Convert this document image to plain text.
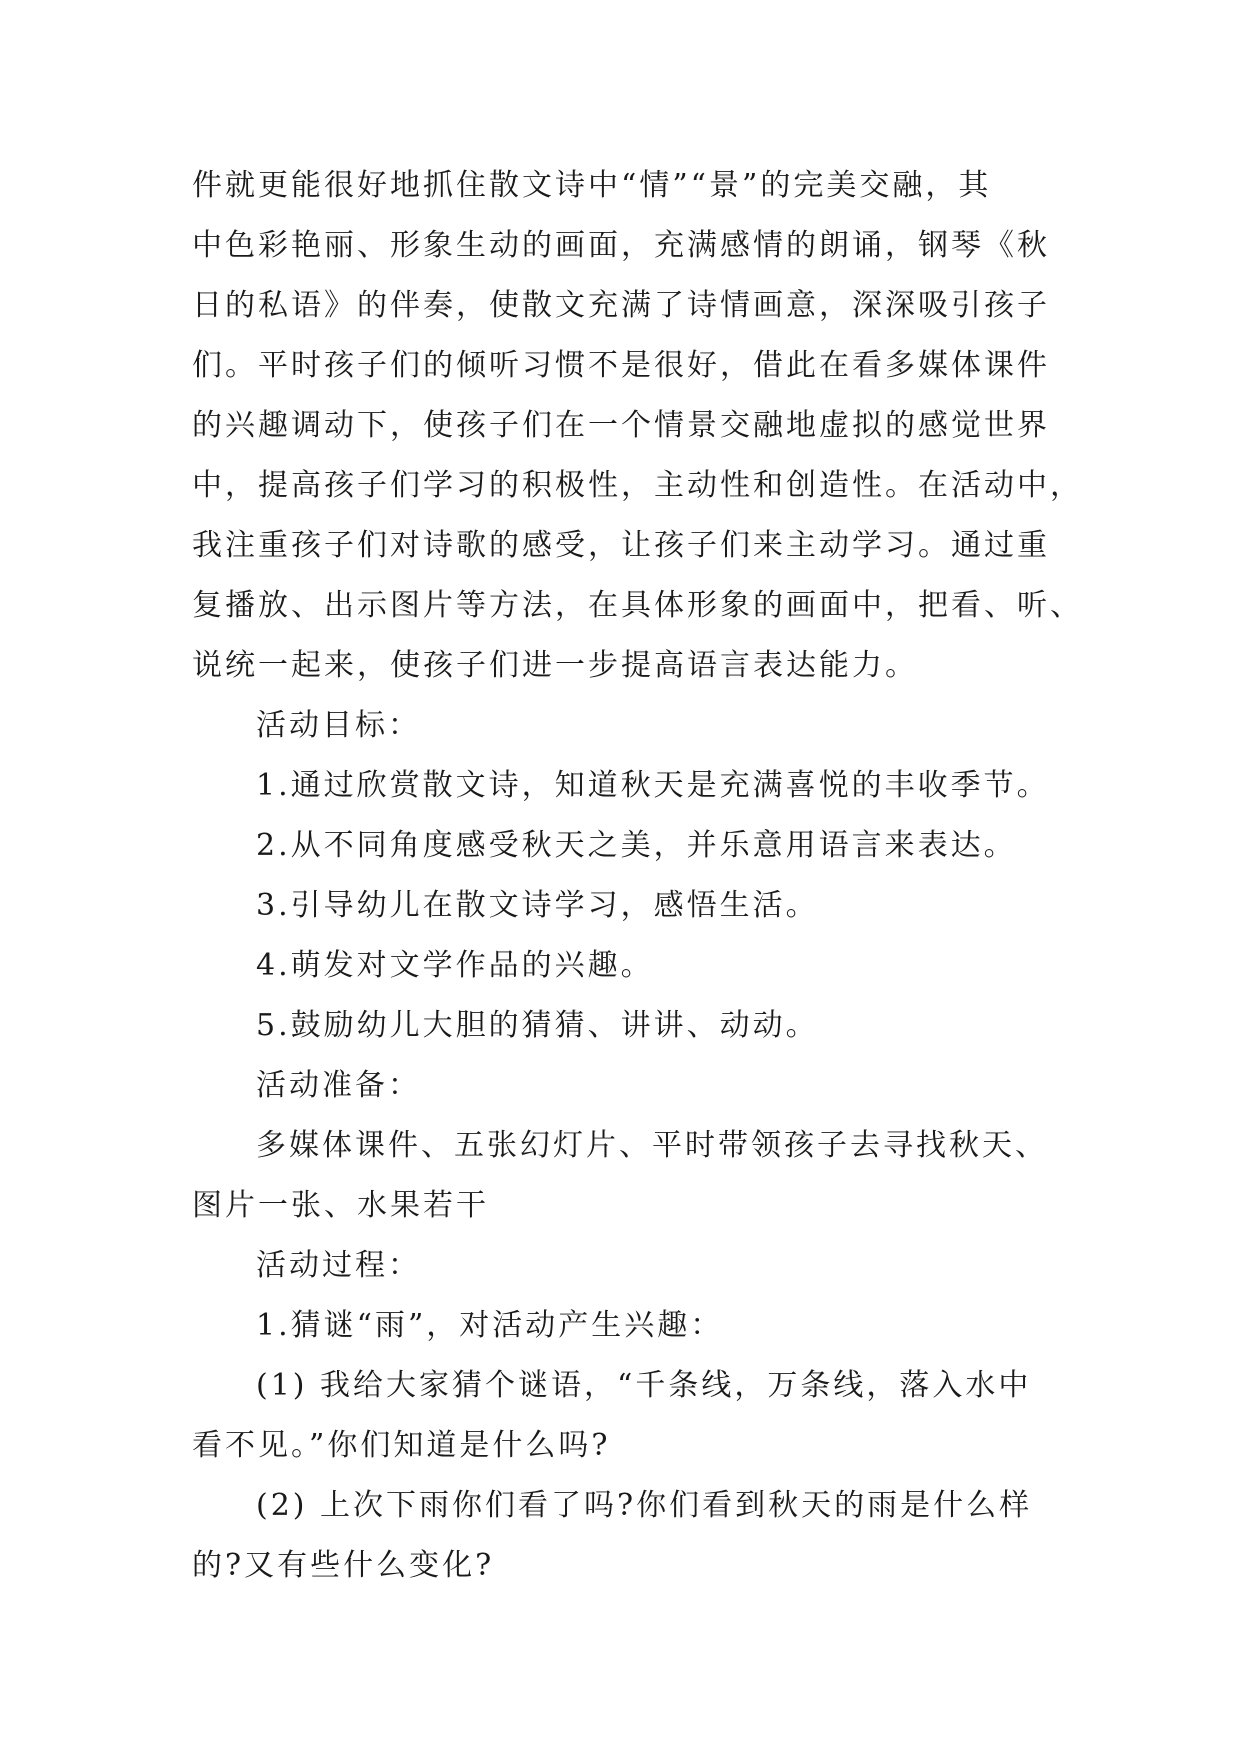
件就更能很好地抓住散文诗中“情”“景”的完美交融，其
中色彩艳丽、形象生动的画面，充满感情的朗诵，钢琴《秋
日的私语》的伴奏，使散文充满了诗情画意，深深吸引孩子
们。平时孩子们的倾听习惯不是很好，借此在看多媒体课件
的兴趣调动下，使孩子们在一个情景交融地虚拟的感觉世界
中，提高孩子们学习的积极性，主动性和创造性。在活动中，
我注重孩子们对诗歌的感受，让孩子们来主动学习。通过重
复播放、出示图片等方法，在具体形象的画面中，把看、听、
说统一起来，使孩子们进一步提高语言表达能力。
活动目标：
1.通过欣赏散文诗，知道秋天是充满喜悦的丰收季节。
2.从不同角度感受秋天之美，并乐意用语言来表达。
3.引导幼儿在散文诗学习，感悟生活。
4.萌发对文学作品的兴趣。
5.鼓励幼儿大胆的猜猜、讲讲、动动。
活动准备：
多媒体课件、五张幻灯片、平时带领孩子去寻找秋天、
图片一张、水果若干
活动过程：
1.猜谜“雨”，对活动产生兴趣：
(1) 我给大家猜个谜语，“千条线，万条线，落入水中
看不见。”你们知道是什么吗?
(2) 上次下雨你们看了吗?你们看到秋天的雨是什么样
的?又有些什么变化?
